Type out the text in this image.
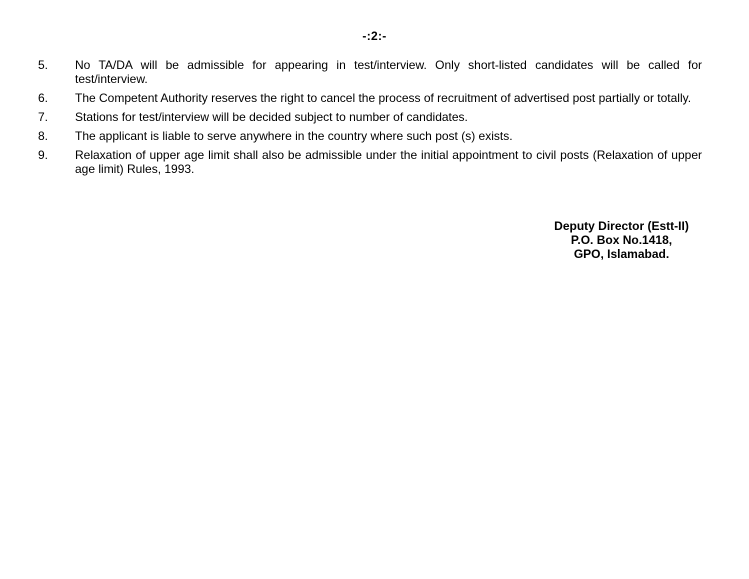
-:2:-
5.	No TA/DA will be admissible for appearing in test/interview. Only short-listed candidates will be called for test/interview.
6.	The Competent Authority reserves the right to cancel the process of recruitment of advertised post partially or totally.
7.	Stations for test/interview will be decided subject to number of candidates.
8.	The applicant is liable to serve anywhere in the country where such post (s) exists.
9.	Relaxation of upper age limit shall also be admissible under the initial appointment to civil posts (Relaxation of upper age limit) Rules, 1993.
Deputy Director (Estt-II)
P.O. Box No.1418,
GPO, Islamabad.
